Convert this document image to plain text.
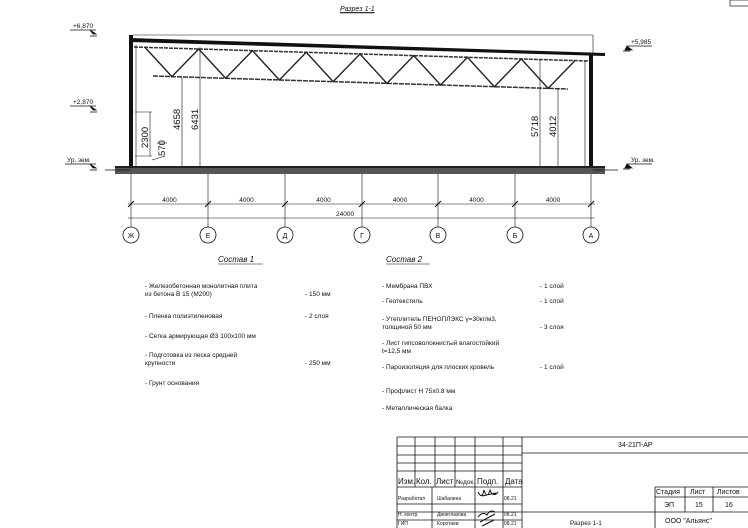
Разрез 1-1
+6,870
+2,870
Ур. зем.
+5,985
Ур. зем.
2300
570
4658 6431	5718 4012
Ж	Е	Д	Г	В	Б	А
4000	4000	4000	4000	4000	4000
24000
- Железобетонная монолитная плита
из бетона В 15 (М200)	- 150 мм
- Пленка полиэтиленовая	- 2 слоя
- Сетка армирующая Ø3 100х100 мм
- Подготовка из песка средней
крупности	- 250 мм
- Грунт основания
- Мембрана ПВХ	- 1 слой
- Геотекстиль	- 1 слой
- Утеплитель ПЕНОПЛЭКС γ=30кг/м3,
толщиной 50 мм	- 3 слоя
- Лист гипсоволокнистый влагостойкий
t=12,5 мм
- Пароизоляция для плоских кровель	- 1 слой
- Профлист Н 75х0.8 мм
- Металлическая балка
Состав 1	Состав 2
34-21П-АР
Изм. Кол. Лист №док. Подп. Дата
Разработал Шабалина	08.21
Н. контр.	Двоеглазова	08.21
ГИП	Коротаев	08.21
Стадия Лист Листов
ЭП	15	16
Разрез 1-1	ООО "Альянс"
